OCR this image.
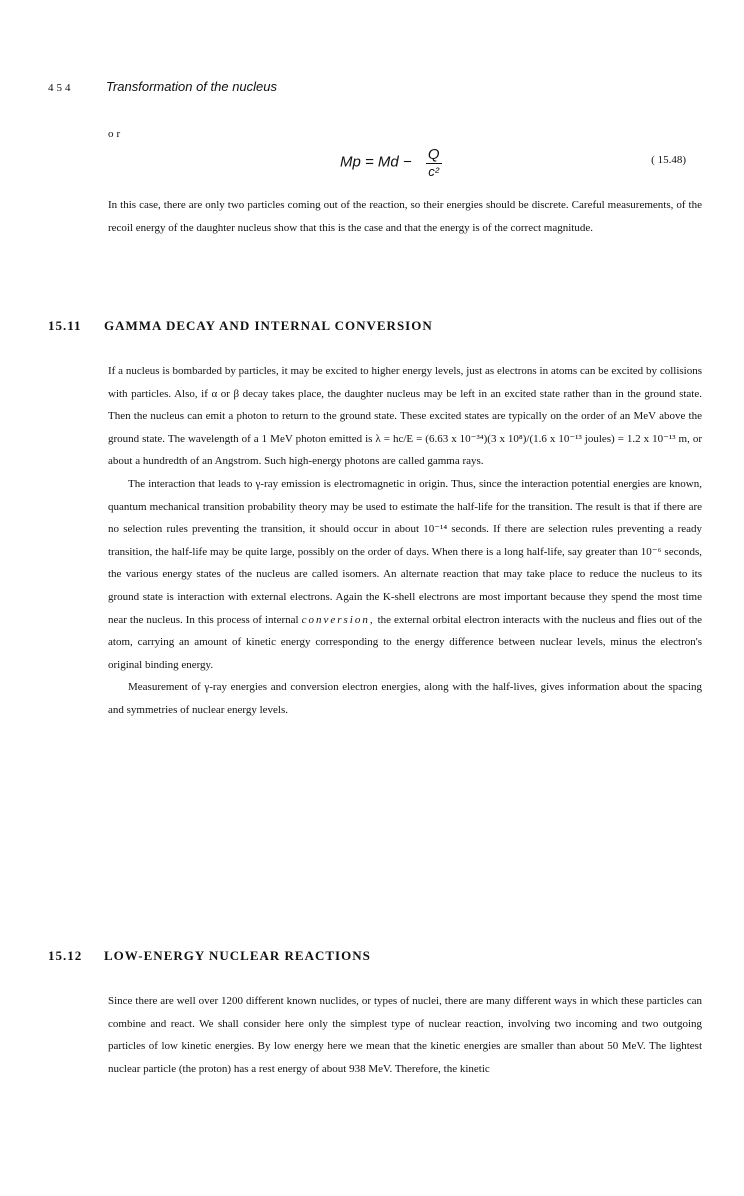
454	Transformation of the nucleus
or
$Mp = Md - \frac{Q}{\text{c²}}$	( 15.48)

In this case, there are only two particles coming out of the reaction, so their energies should be discrete. Careful measurements, of the recoil energy of the daughter nucleus show that this is the case and that the energy is of the correct magnitude.

15.11 GAMMA DECAY AND INTERNAL CONVERSION

If a nucleus is bombarded by particles, it may be excited to higher energy levels, just as electrons in atoms can be excited by collisions with particles. Also, if α or β decay takes place, the daughter nucleus may be left in an excited state rather than in the ground state. Then the nucleus can emit a photon to return to the ground state. These excited states are typically on the order of an MeV above the ground state. The wavelength of a 1 MeV photon emitted is λ = hc/E = (6.63 x 10⁻³⁴)(3 x 10⁸)/(1.6 x 10⁻¹³ joules) = 1.2 x 10⁻¹³ m, or about a hundredth of an Angstrom. Such high-energy photons are called gamma rays.

The interaction that leads to γ-ray emission is electromagnetic in origin. Thus, since the interaction potential energies are known, quantum mechanical transition probability theory may be used to estimate the half-life for the transition. The result is that if there are no selection rules preventing the transition, it should occur in about 10⁻¹⁴ seconds. If there are selection rules preventing a ready transition, the half-life may be quite large, possibly on the order of days. When there is a long half-life, say greater than 10⁻⁶ seconds, the various energy states of the nucleus are called isomers. An alternate reaction that may take place to reduce the nucleus to its ground state is interaction with external electrons. Again the K-shell electrons are most important because they spend the most time near the nucleus. In this process of internal conversion, the external orbital electron interacts with the nucleus and flies out of the atom, carrying an amount of kinetic energy corresponding to the energy difference between nuclear levels, minus the electron's original binding energy.

Measurement of γ-ray energies and conversion electron energies, along with the half-lives, gives information about the spacing and symmetries of nuclear energy levels.

15.12 LOW-ENERGY NUCLEAR REACTIONS

Since there are well over 1200 different known nuclides, or types of nuclei, there are many different ways in which these particles can combine and react. We shall consider here only the simplest type of nuclear reaction, involving two incoming and two outgoing particles of low kinetic energies. By low energy here we mean that the kinetic energies are smaller than about 50 MeV. The lightest nuclear particle (the proton) has a rest energy of about 938 MeV. Therefore, the kinetic
